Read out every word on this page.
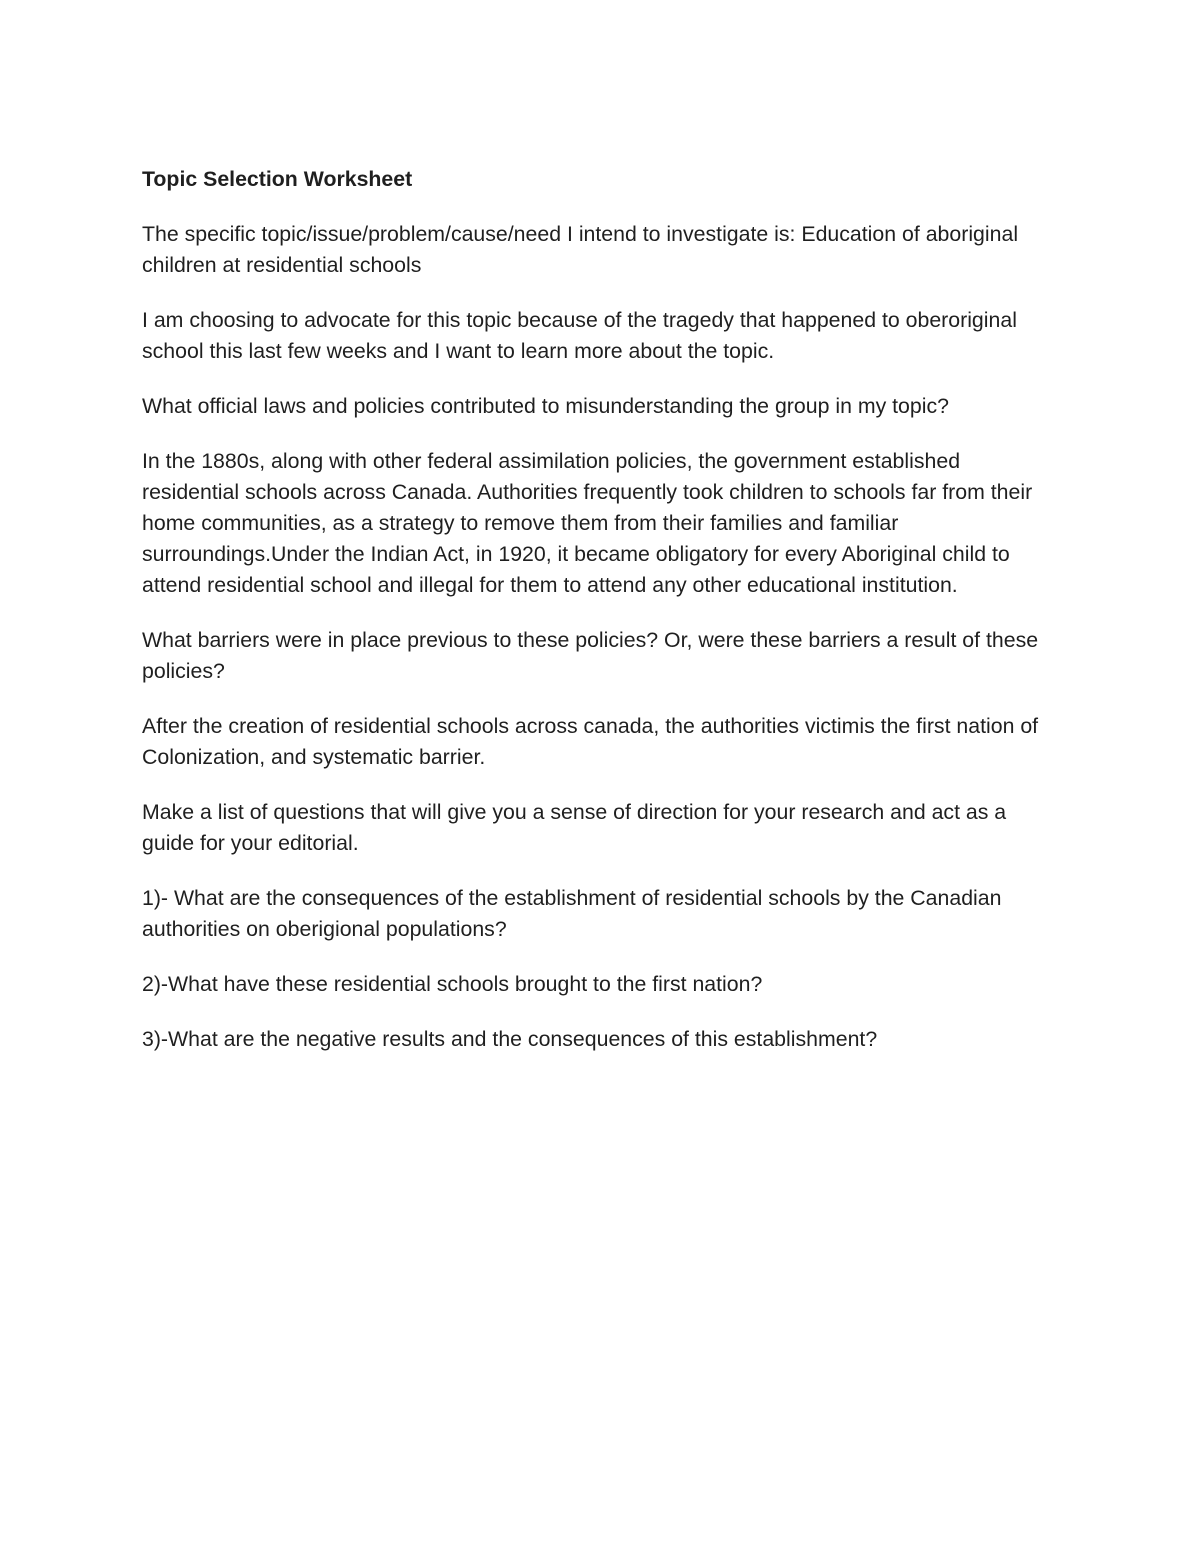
Topic Selection Worksheet

The specific topic/issue/problem/cause/need I intend to investigate is: Education of aboriginal children at residential schools

I am choosing to advocate for this topic because of the tragedy that happened to oberoriginal school this last few weeks and I want to learn more about the topic.

What official laws and policies contributed to misunderstanding the group in my topic?

In the 1880s, along with other federal assimilation policies, the government established residential schools across Canada. Authorities frequently took children to schools far from their home communities, as a strategy to remove them from their families and familiar surroundings.Under the Indian Act, in 1920, it became obligatory for every Aboriginal child to attend residential school and illegal for them to attend any other educational institution.

What barriers were in place previous to these policies? Or, were these barriers a result of these policies?

After the creation of residential schools across canada, the authorities victimis the first nation of Colonization, and systematic barrier.

Make a list of questions that will give you a sense of direction for your research and act as a guide for your editorial.

1)- What are the consequences of the establishment of residential schools by the Canadian authorities on oberigional populations?

2)-What have these residential schools brought to the first nation?

3)-What are the negative results and the consequences of this establishment?
